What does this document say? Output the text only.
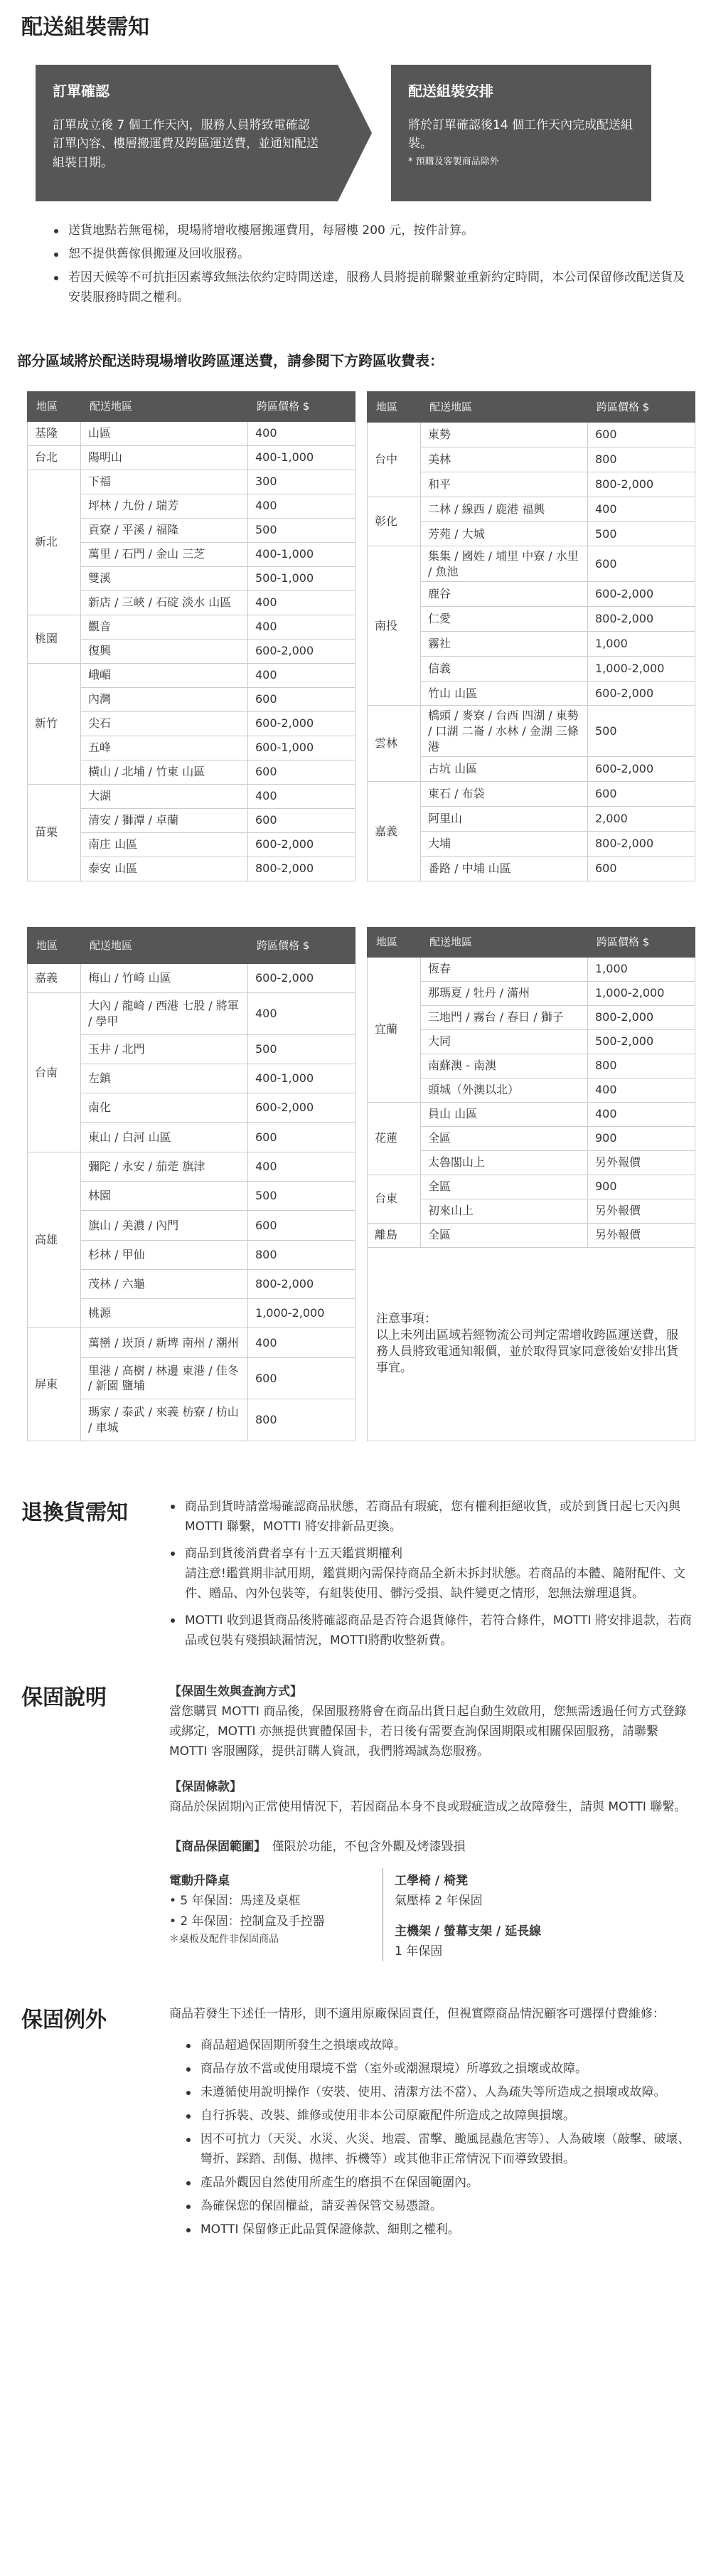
配送組裝需知
訂單確認

訂單成立後 7 個工作天內，服務人員將致電確認訂單內容、樓層搬運費及跨區運送費，並通知配送組裝日期。

配送組裝安排

將於訂單確認後14 個工作天內完成配送組裝。

* 預購及客製商品除外
送貨地點若無電梯，現場將增收樓層搬運費用，每層樓 200 元，按件計算。
恕不提供舊傢俱搬運及回收服務。
若因天候等不可抗拒因素導致無法依約定時間送達，服務人員將提前聯繫並重新約定時間，本公司保留修改配送貨及安裝服務時間之權利。
部分區域將於配送時現場增收跨區運送費，請參閱下方跨區收費表：
地區	配送地區	跨區價格 $
基隆	山區	400
台北	陽明山	400-1,000
新北	下福	300
	坪林 / 九份 / 瑞芳	400
	貢寮 / 平溪 / 福隆	500
	萬里 / 石門 / 金山 三芝	400-1,000
	雙溪	500-1,000
	新店 / 三峽 / 石碇 淡水 山區	400
桃園	觀音	400
	復興	600-2,000
新竹	峨嵋	400
	內灣	600
	尖石	600-2,000
	五峰	600-1,000
	橫山 / 北埔 / 竹東 山區	600
苗栗	大湖	400
	清安 / 獅潭 / 卓蘭	600
	南庄 山區	600-2,000
	泰安 山區	800-2,000
地區	配送地區	跨區價格 $
台中	東勢	600
	美林	800
	和平	800-2,000
彰化	二林 / 線西 / 鹿港 福興	400
	芳苑 / 大城	500
南投	集集 / 國姓 / 埔里 中寮 / 水里 / 魚池	600
	鹿谷	600-2,000
	仁愛	800-2,000
	霧社	1,000
	信義	1,000-2,000
	竹山 山區	600-2,000
雲林	橋頭 / 麥寮 / 台西 四湖 / 東勢 / 口湖 二崙 / 水林 / 金湖 三條港	500
	古坑 山區	600-2,000
嘉義	東石 / 布袋	600
	阿里山	2,000
	大埔	800-2,000
	番路 / 中埔 山區	600
地區	配送地區	跨區價格 $
嘉義	梅山 / 竹崎 山區	600-2,000
台南	大內 / 龍崎 / 西港 七股 / 將軍 / 學甲	400
	玉井 / 北門	500
	左鎮	400-1,000
	南化	600-2,000
	東山 / 白河 山區	600
高雄	彌陀 / 永安 / 茄萣 旗津	400
	林園	500
	旗山 / 美濃 / 內門	600
	杉林 / 甲仙	800
	茂林 / 六龜	800-2,000
	桃源	1,000-2,000
屏東	萬巒 / 崁頂 / 新埤 南州 / 潮州	400
	里港 / 高樹 / 林邊 東港 / 佳冬 / 新園 鹽埔	600
	瑪家 / 泰武 / 來義 枋寮 / 枋山 / 車城	800
地區	配送地區	跨區價格 $
宜蘭	恆春	1,000
	那瑪夏 / 牡丹 / 滿州	1,000-2,000
	三地門 / 霧台 / 春日 / 獅子	800-2,000
	大同	500-2,000
	南蘇澳 - 南澳	800
	頭城（外澳以北）	400
花蓮	員山 山區	400
	全區	900
	太魯閣山上	另外報價
台東	全區	900
	初來山上	另外報價
離島	全區	另外報價

注意事項：
以上未列出區域若經物流公司判定需增收跨區運送費，服務人員將致電通知報價，並於取得買家同意後始安排出貨事宜。		
退換貨需知	商品到貨時請當場確認商品狀態，若商品有瑕疵，您有權利拒絕收貨，或於到貨日起七天內與 MOTTI 聯繫，MOTTI 將安排新品更換。
商品到貨後消費者享有十五天鑑賞期權利
請注意!鑑賞期非試用期，鑑賞期內需保持商品全新未拆封狀態。若商品的本體、隨附配件、文件、贈品、內外包裝等，有組裝使用、髒污受損、缺件變更之情形，恕無法辦理退貨。
MOTTI 收到退貨商品後將確認商品是否符合退貨條件，若符合條件，MOTTI 將安排退款，若商品或包裝有殘損缺漏情況，MOTTI將酌收整新費。
保固說明	【保固生效與查詢方式】

當您購買 MOTTI 商品後，保固服務將會在商品出貨日起自動生效啟用，您無需透過任何方式登錄或綁定，MOTTI 亦無提供實體保固卡，若日後有需要查詢保固期限或相關保固服務，請聯繫 MOTTI 客服團隊，提供訂購人資訊，我們將竭誠為您服務。

【保固條款】

商品於保固期內正常使用情況下，若因商品本身不良或瑕疵造成之故障發生，請與 MOTTI 聯繫。

【商品保固範圍】　 僅限於功能，不包含外觀及烤漆毀損
電動升降桌
• 5 年保固：馬達及桌框
• 2 年保固：控制盒及手控器
＊桌板及配件非保固商品
工學椅 / 椅凳
氣壓棒 2 年保固
主機架 / 螢幕支架 / 延長線
1 年保固
保固例外	商品若發生下述任一情形，則不適用原廠保固責任，但視實際商品情況顧客可選擇付費維修：

商品超過保固期所發生之損壞或故障。
商品存放不當或使用環境不當（室外或潮濕環境）所導致之損壞或故障。
未遵循使用說明操作（安裝、使用、清潔方法不當）、人為疏失等所造成之損壞或故障。
自行拆裝、改裝、維修或使用非本公司原廠配件所造成之故障與損壞。
因不可抗力（天災、水災、火災、地震、雷擊、颱風昆蟲危害等）、人為破壞（敲擊、破壞、彎折、踩踏、刮傷、拋摔、拆機等）或其他非正常情況下而導致毀損。
產品外觀因自然使用所產生的磨損不在保固範圍內。
為確保您的保固權益，請妥善保管交易憑證。
MOTTI 保留修正此品質保證條款、細則之權利。
